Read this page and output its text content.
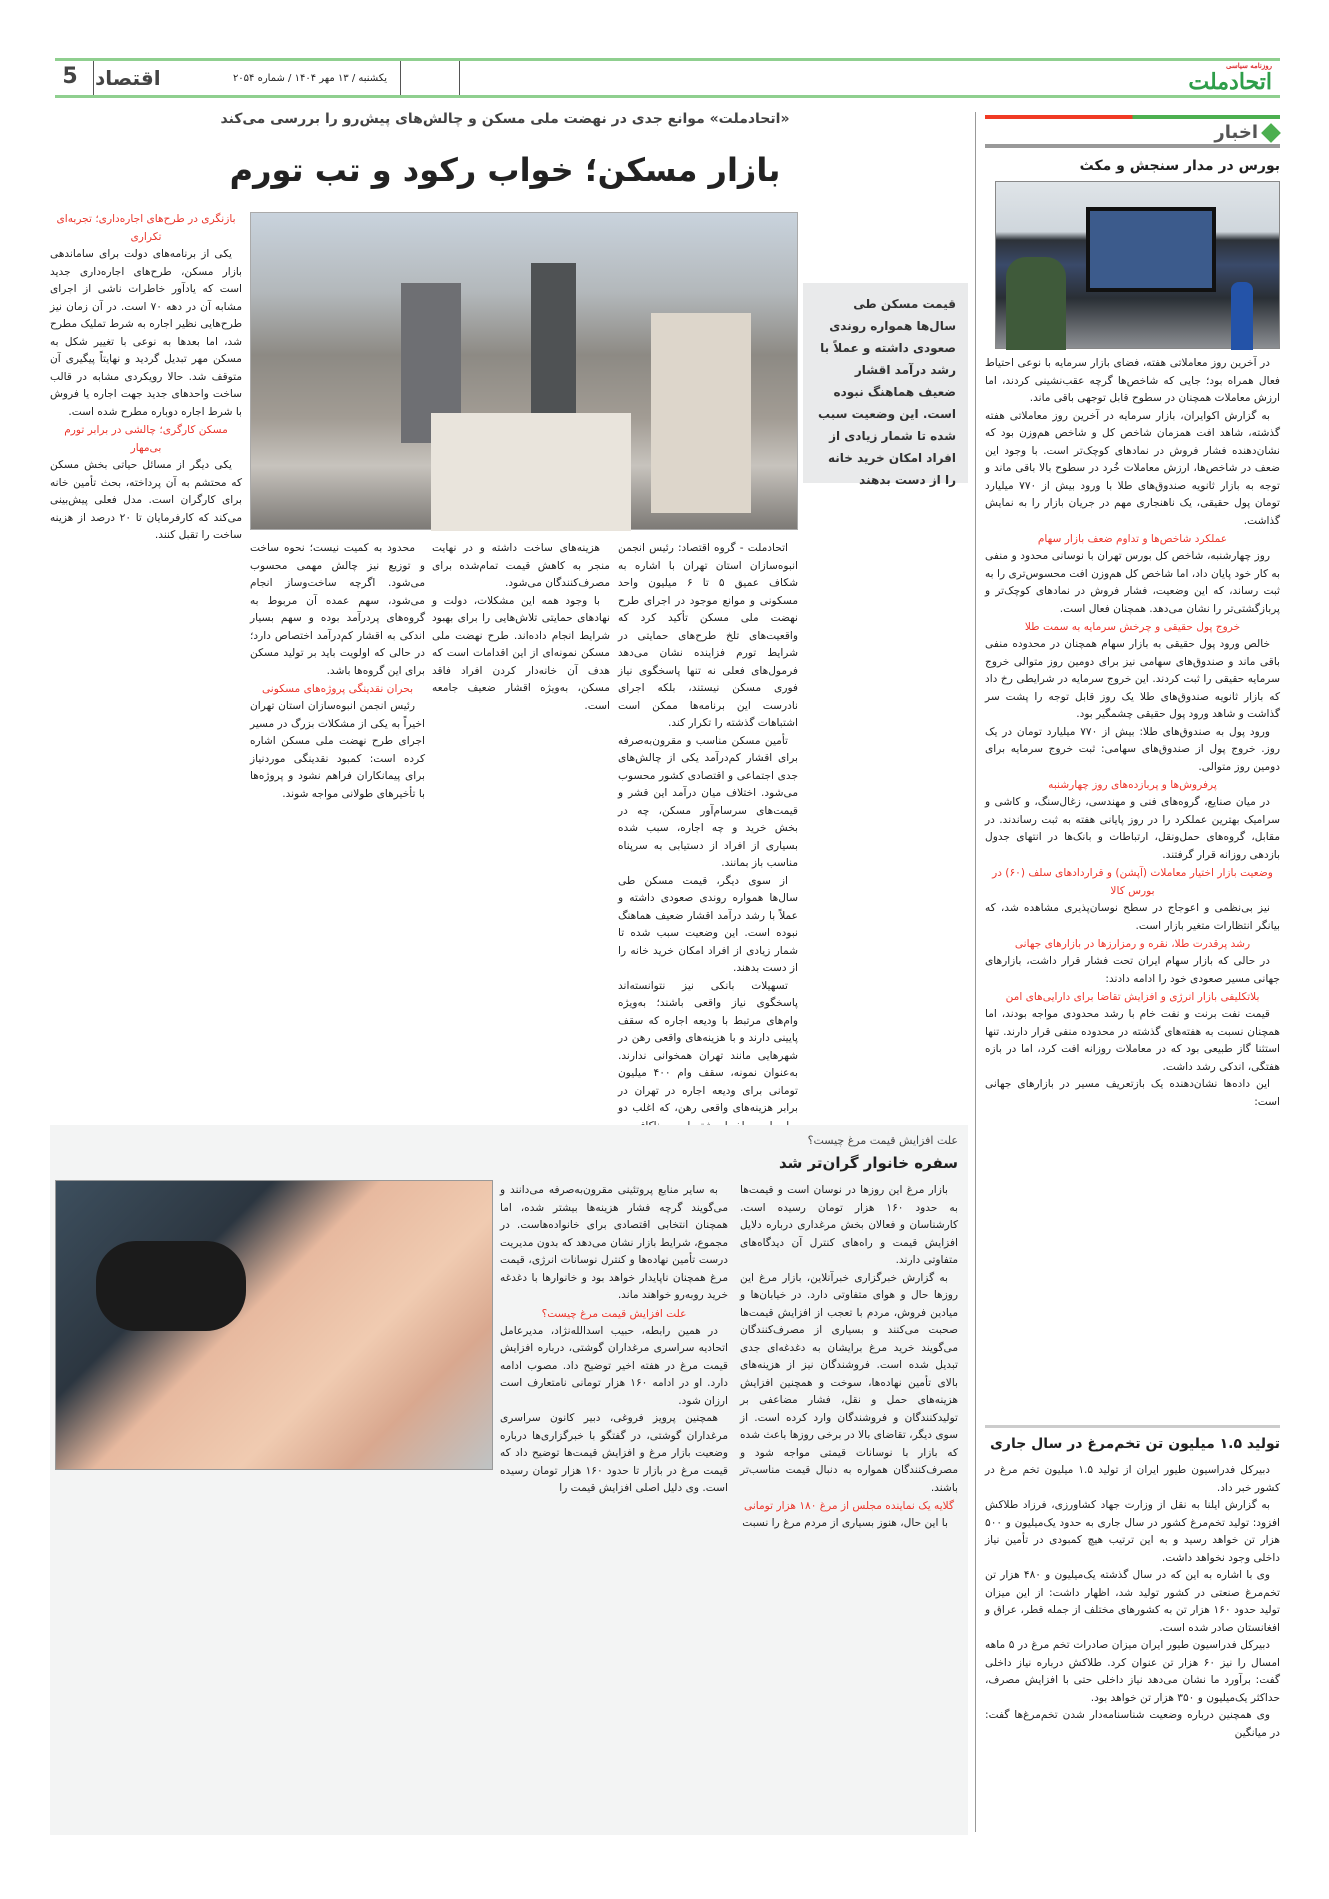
روزنامه سیاسی
اتحادملت
یکشنبه / ۱۳ مهر ۱۴۰۴ / شماره ۲۰۵۴
اقتصاد
5
اخبار
بورس در مدار سنجش و مکث

در آخرین روز معاملاتی هفته، فضای بازار سرمایه با نوعی احتیاط فعال همراه بود؛ جایی که شاخص‌ها گرچه عقب‌نشینی کردند، اما ارزش معاملات همچنان در سطوح قابل توجهی باقی ماند.

به گزارش اکوایران، بازار سرمایه در آخرین روز معاملاتی هفته گذشته، شاهد افت همزمان شاخص کل و شاخص هم‌وزن بود که نشان‌دهنده فشار فروش در نمادهای کوچک‌تر است. با وجود این ضعف در شاخص‌ها، ارزش معاملات خُرد در سطوح بالا باقی ماند و توجه به بازار ثانویه صندوق‌های طلا با ورود بیش از ۷۷۰ میلیارد تومان پول حقیقی، یک ناهنجاری مهم در جریان بازار را به نمایش گذاشت.

عملکرد شاخص‌ها و تداوم ضعف بازار سهام

روز چهارشنبه، شاخص کل بورس تهران با نوسانی محدود و منفی به کار خود پایان داد، اما شاخص کل هم‌وزن افت محسوس‌تری را به ثبت رساند، که این وضعیت، فشار فروش در نمادهای کوچک‌تر و پربازگشتی‌تر را نشان می‌دهد. همچنان فعال است.

خروج پول حقیقی و چرخش سرمایه به سمت طلا

خالص ورود پول حقیقی به بازار سهام همچنان در محدوده منفی باقی ماند و صندوق‌های سهامی نیز برای دومین روز متوالی خروج سرمایه حقیقی را ثبت کردند. این خروج سرمایه در شرایطی رخ داد که بازار ثانویه صندوق‌های طلا یک روز قابل توجه را پشت سر گذاشت و شاهد ورود پول حقیقی چشمگیر بود.

ورود پول به صندوق‌های طلا: بیش از ۷۷۰ میلیارد تومان در یک روز. خروج پول از صندوق‌های سهامی: ثبت خروج سرمایه برای دومین روز متوالی.

پرفروش‌ها و پربازده‌های روز چهارشنبه

در میان صنایع، گروه‌های فنی و مهندسی، زغال‌سنگ، و کاشی و سرامیک بهترین عملکرد را در روز پایانی هفته به ثبت رساندند. در مقابل، گروه‌های حمل‌ونقل، ارتباطات و بانک‌ها در انتهای جدول بازدهی روزانه قرار گرفتند.

وضعیت بازار اختیار معاملات (آپشن) و قراردادهای سلف (۶۰) در بورس کالا

نیز بی‌نظمی و اعوجاج در سطح نوسان‌پذیری مشاهده شد، که بیانگر انتظارات متغیر بازار است.

رشد پرقدرت طلا، نقره و رمزارزها در بازارهای جهانی

در حالی که بازار سهام ایران تحت فشار قرار داشت، بازارهای جهانی مسیر صعودی خود را ادامه دادند:

بلاتکلیفی بازار انرژی و افزایش تقاضا برای دارایی‌های امن

قیمت نفت برنت و نفت خام با رشد محدودی مواجه بودند، اما همچنان نسبت به هفته‌های گذشته در محدوده منفی قرار دارند. تنها استثنا گاز طبیعی بود که در معاملات روزانه افت کرد، اما در بازه هفتگی، اندکی رشد داشت.

این داده‌ها نشان‌دهنده یک بازتعریف مسیر در بازارهای جهانی است:

تولید ۱.۵ میلیون تن تخم‌مرغ در سال جاری

دبیرکل فدراسیون طیور ایران از تولید ۱.۵ میلیون تخم مرغ در کشور خبر داد.

به گزارش ایلنا به نقل از وزارت جهاد کشاورزی، فرزاد طلاکش افزود: تولید تخم‌مرغ کشور در سال جاری به حدود یک‌میلیون و ۵۰۰ هزار تن خواهد رسید و به این ترتیب هیچ کمبودی در تأمین نیاز داخلی وجود نخواهد داشت.

وی با اشاره به این که در سال گذشته یک‌میلیون و ۴۸۰ هزار تن تخم‌مرغ صنعتی در کشور تولید شد، اظهار داشت: از این میزان تولید حدود ۱۶۰ هزار تن به کشورهای مختلف از جمله قطر، عراق و افغانستان صادر شده است.

دبیرکل فدراسیون طیور ایران میزان صادرات تخم مرغ در ۵ ماهه امسال را نیز ۶۰ هزار تن عنوان کرد. طلاکش درباره نیاز داخلی گفت: برآورد ما نشان می‌دهد نیاز داخلی حتی با افزایش مصرف، حداکثر یک‌میلیون و ۳۵۰ هزار تن خواهد بود.

وی همچنین درباره وضعیت شناسنامه‌دار شدن تخم‌مرغ‌ها گفت: در میانگین

«اتحادملت» موانع جدی در نهضت ملی مسکن و چالش‌های پیش‌رو را بررسی می‌کند
بازار مسکن؛ خواب رکود و تب تورم
قیمت مسکن طی سال‌ها همواره روندی صعودی داشته و عملاً با رشد درآمد اقشار ضعیف هماهنگ نبوده است. این وضعیت سبب شده تا شمار زیادی از افراد امکان خرید خانه را از دست بدهند

اتحادملت - گروه اقتصاد: رئیس انجمن انبوه‌سازان استان تهران با اشاره به شکاف عمیق ۵ تا ۶ میلیون واحد مسکونی و موانع موجود در اجرای طرح نهضت ملی مسکن تأکید کرد که واقعیت‌های تلخ طرح‌های حمایتی در شرایط تورم فزاینده نشان می‌دهد فرمول‌های فعلی نه تنها پاسخگوی نیاز فوری مسکن نیستند، بلکه اجرای نادرست این برنامه‌ها ممکن است اشتباهات گذشته را تکرار کند.

تأمین مسکن مناسب و مقرون‌به‌صرفه برای اقشار کم‌درآمد یکی از چالش‌های جدی اجتماعی و اقتصادی کشور محسوب می‌شود. اختلاف میان درآمد این قشر و قیمت‌های سرسام‌آور مسکن، چه در بخش خرید و چه اجاره، سبب شده بسیاری از افراد از دستیابی به سرپناه مناسب باز بمانند.

از سوی دیگر، قیمت مسکن طی سال‌ها همواره روندی صعودی داشته و عملاً با رشد درآمد اقشار ضعیف هماهنگ نبوده است. این وضعیت سبب شده تا شمار زیادی از افراد امکان خرید خانه را از دست بدهند.

تسهیلات بانکی نیز نتوانسته‌اند پاسخگوی نیاز واقعی باشند؛ به‌ویژه وام‌های مرتبط با ودیعه اجاره که سقف پایینی دارند و با هزینه‌های واقعی رهن در شهرهایی مانند تهران همخوانی ندارند. به‌عنوان نمونه، سقف وام ۴۰۰ میلیون تومانی برای ودیعه اجاره در تهران در برابر هزینه‌های واقعی رهن، که اغلب دو

هزینه‌های ساخت داشته و در نهایت منجر به کاهش قیمت تمام‌شده برای مصرف‌کنندگان می‌شود.

با وجود همه این مشکلات، دولت و نهادهای حمایتی تلاش‌هایی را برای بهبود شرایط انجام داده‌اند. طرح نهضت ملی مسکن نمونه‌ای از این اقدامات است که هدف آن خانه‌دار کردن افراد فاقد مسکن، به‌ویژه اقشار ضعیف جامعه است.

محدود به کمیت نیست؛ نحوه ساخت و توزیع نیز چالش مهمی محسوب می‌شود. اگرچه ساخت‌وساز انجام می‌شود، سهم عمده آن مربوط به گروه‌های پردرآمد بوده و سهم بسیار اندکی به اقشار کم‌درآمد اختصاص دارد؛ در حالی که اولویت باید بر تولید مسکن برای این گروه‌ها باشد.

بحران نقدینگی پروژه‌های مسکونی

رئیس انجمن انبوه‌سازان استان تهران اخیراً به یکی از مشکلات بزرگ در مسیر اجرای طرح نهضت ملی مسکن اشاره کرده است: کمبود نقدینگی موردنیاز برای پیمانکاران فراهم نشود و پروژه‌ها با تأخیرهای طولانی مواجه شوند.

بازنگری در طرح‌های اجاره‌داری؛ تجربه‌ای تکراری

یکی از برنامه‌های دولت برای ساماندهی بازار مسکن، طرح‌های اجاره‌داری جدید است که یادآور خاطرات ناشی از اجرای مشابه آن در دهه ۷۰ است. در آن زمان نیز طرح‌هایی نظیر اجاره به شرط تملیک مطرح شد، اما بعدها به نوعی با تغییر شکل به مسکن مهر تبدیل گردید و نهایتاً پیگیری آن متوقف شد. حالا رویکردی مشابه در قالب ساخت واحدهای جدید جهت اجاره یا فروش با شرط اجاره دوباره مطرح شده است.

مسکن کارگری؛ چالشی در برابر تورم بی‌مهار

یکی دیگر از مسائل حیاتی بخش مسکن که محتشم به آن پرداخته، بحث تأمین خانه برای کارگران است. مدل فعلی پیش‌بینی می‌کند که کارفرمایان تا ۲۰ درصد از هزینه ساخت را تقبل کنند.

علت افزایش قیمت مرغ چیست؟
سفره خانوار گران‌تر شد

بازار مرغ این روزها در نوسان است و قیمت‌ها به حدود ۱۶۰ هزار تومان رسیده است. کارشناسان و فعالان بخش مرغداری درباره دلایل افزایش قیمت و راه‌های کنترل آن دیدگاه‌های متفاوتی دارند.

به گزارش خبرگزاری خبرآنلاین، بازار مرغ این روزها حال و هوای متفاوتی دارد. در خیابان‌ها و میادین فروش، مردم با تعجب از افزایش قیمت‌ها صحبت می‌کنند و بسیاری از مصرف‌کنندگان می‌گویند خرید مرغ برایشان به دغدغه‌ای جدی تبدیل شده است. فروشندگان نیز از هزینه‌های بالای تأمین نهاده‌ها، سوخت و همچنین افزایش هزینه‌های حمل و نقل، فشار مضاعفی بر تولیدکنندگان و فروشندگان وارد کرده است. از سوی دیگر، تقاضای بالا در برخی روزها باعث شده که بازار با نوسانات قیمتی مواجه شود و مصرف‌کنندگان همواره به دنبال قیمت مناسب‌تر باشند.

گلایه یک نماینده مجلس از مرغ ۱۸۰ هزار تومانی

با این حال، هنوز بسیاری از مردم مرغ را نسبت

به سایر منابع پروتئینی مقرون‌به‌صرفه می‌دانند و می‌گویند گرچه فشار هزینه‌ها بیشتر شده، اما همچنان انتخابی اقتصادی برای خانواده‌هاست. در مجموع، شرایط بازار نشان می‌دهد که بدون مدیریت درست تأمین نهاده‌ها و کنترل نوسانات انرژی، قیمت مرغ همچنان ناپایدار خواهد بود و خانوارها با دغدغه خرید روبه‌رو خواهند ماند.

علت افزایش قیمت مرغ چیست؟

در همین رابطه، حبیب اسدالله‌نژاد، مدیرعامل اتحادیه سراسری مرغداران گوشتی، درباره افزایش قیمت مرغ در هفته اخیر توضیح داد. مصوب ادامه دارد. او در ادامه ۱۶۰ هزار تومانی نامتعارف است ارزان شود.

همچنین پرویز فروغی، دبیر کانون سراسری مرغداران گوشتی، در گفتگو با خبرگزاری‌ها درباره وضعیت بازار مرغ و افزایش قیمت‌ها توضیح داد که قیمت مرغ در بازار تا حدود ۱۶۰ هزار تومان رسیده است. وی دلیل اصلی افزایش قیمت را
